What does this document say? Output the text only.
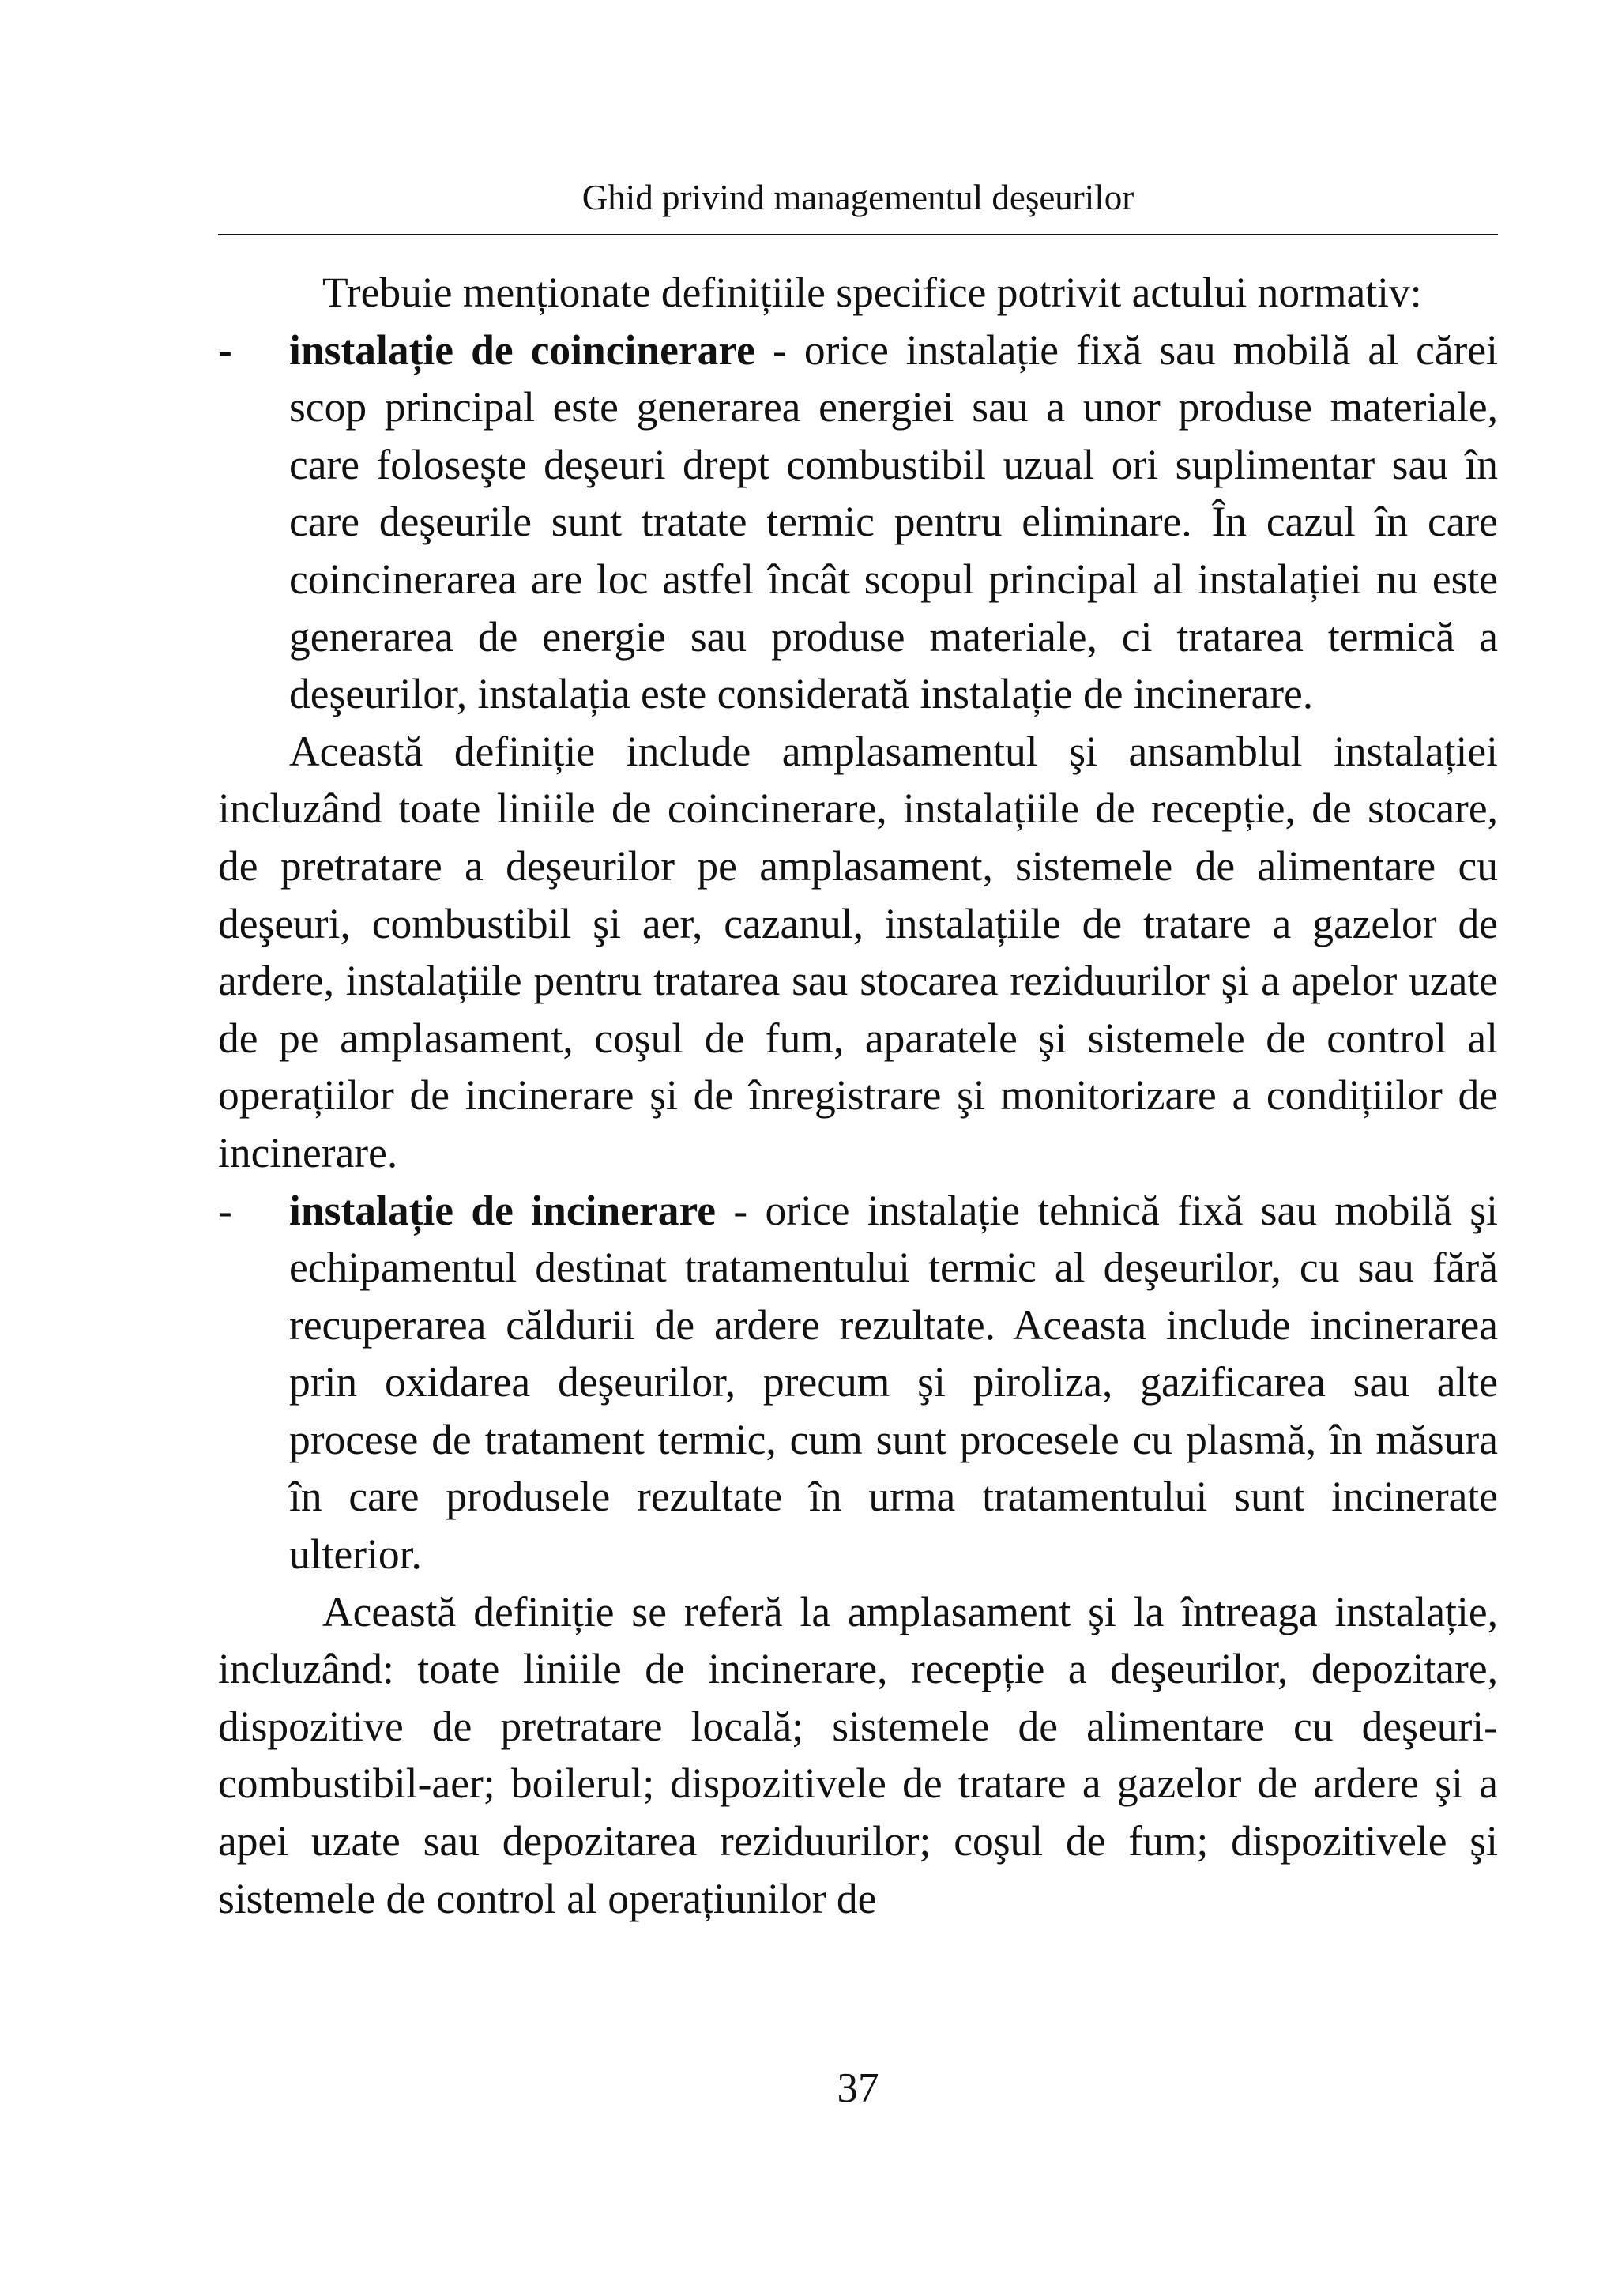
Ghid privind managementul deşeurilor

Trebuie menționate definițiile specifice potrivit actului normativ:

- instalație de coincinerare - orice instalație fixă sau mobilă al cărei scop principal este generarea energiei sau a unor produse materiale, care foloseşte deşeuri drept combustibil uzual ori suplimentar sau în care deşeurile sunt tratate termic pentru eliminare. În cazul în care coincinerarea are loc astfel încât scopul principal al instalației nu este generarea de energie sau produse materiale, ci tratarea termică a deşeurilor, instalația este considerată instalație de incinerare.

Această definiție include amplasamentul şi ansamblul instalației incluzând toate liniile de coincinerare, instalațiile de recepție, de stocare, de pretratare a deşeurilor pe amplasament, sistemele de alimentare cu deşeuri, combustibil şi aer, cazanul, instalațiile de tratare a gazelor de ardere, instalațiile pentru tratarea sau stocarea reziduurilor şi a apelor uzate de pe amplasament, coşul de fum, aparatele şi sistemele de control al operațiilor de incinerare şi de înregistrare şi monitorizare a condițiilor de incinerare.

- instalație de incinerare - orice instalație tehnică fixă sau mobilă şi echipamentul destinat tratamentului termic al deşeurilor, cu sau fără recuperarea căldurii de ardere rezultate. Aceasta include incinerarea prin oxidarea deşeurilor, precum şi piroliza, gazificarea sau alte procese de tratament termic, cum sunt procesele cu plasmă, în măsura în care produsele rezultate în urma tratamentului sunt incinerate ulterior.

Această definiție se referă la amplasament şi la întreaga instalație, incluzând: toate liniile de incinerare, recepție a deşeurilor, depozitare, dispozitive de pretratare locală; sistemele de alimentare cu deşeuri-combustibil-aer; boilerul; dispozitivele de tratare a gazelor de ardere şi a apei uzate sau depozitarea reziduurilor; coşul de fum; dispozitivele şi sistemele de control al operațiunilor de

37
